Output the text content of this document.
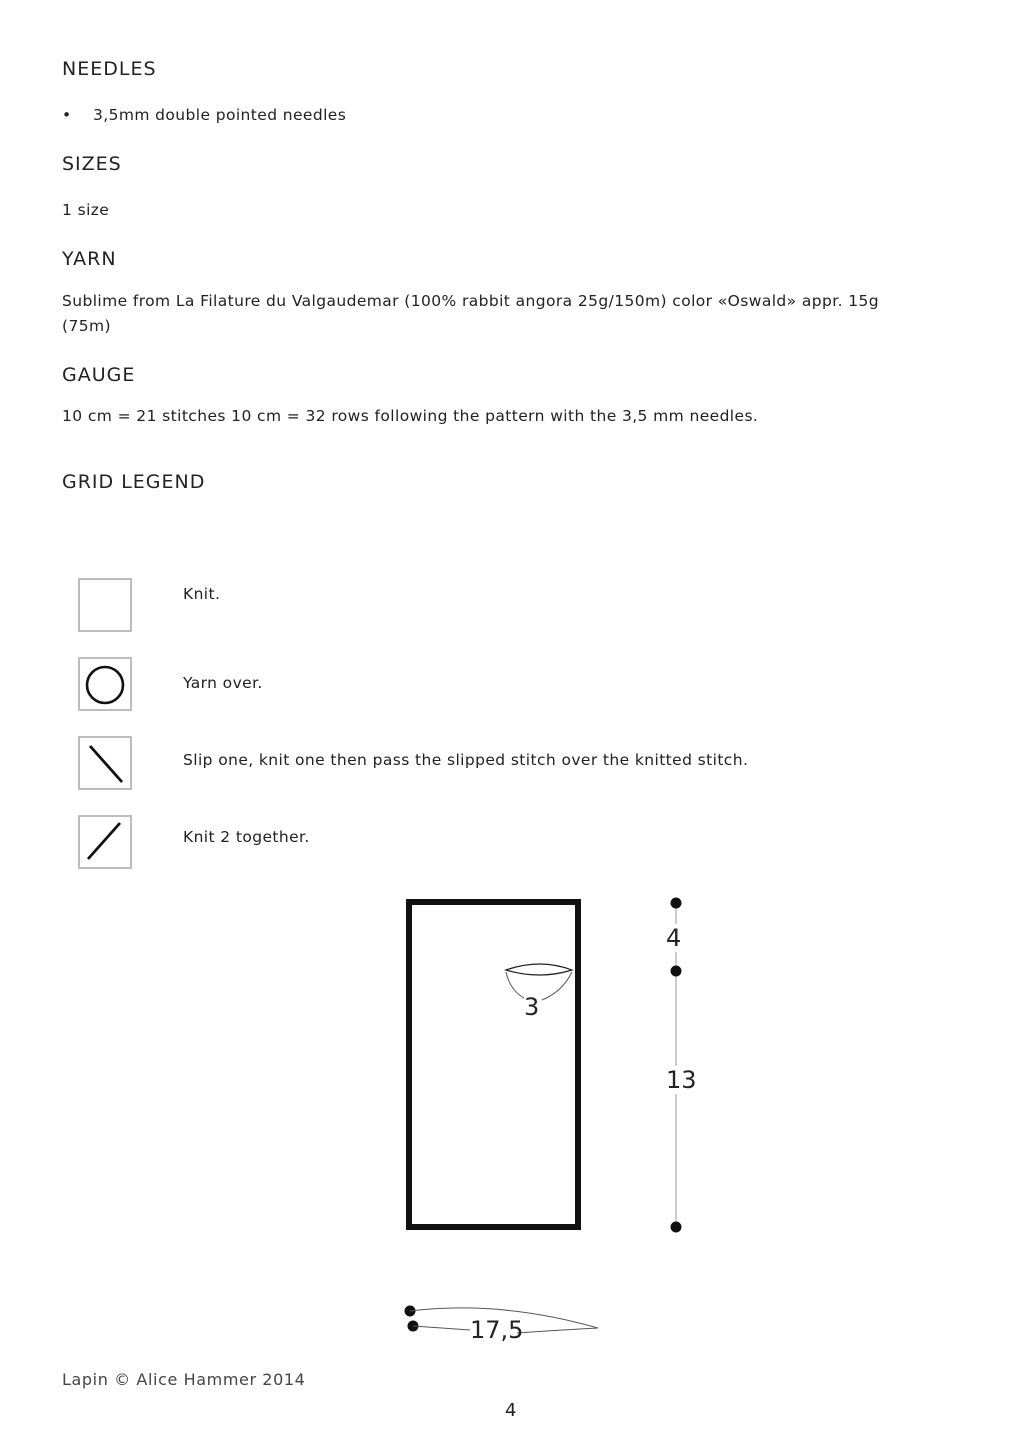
NEEDLES
• 3,5mm double pointed needles
SIZES
1 size
YARN
Sublime from La Filature du Valgaudemar (100% rabbit angora 25g/150m) color «Oswald» appr. 15g
(75m)
GAUGE
10 cm = 21 stitches 10 cm = 32 rows following the pattern with the 3,5 mm needles.
GRID LEGEND
Knit.
Yarn over.
Slip one, knit one then pass the slipped stitch over the knitted stitch.
Knit 2 together.
4
13
3
17,5
Lapin © Alice Hammer 2014
4
